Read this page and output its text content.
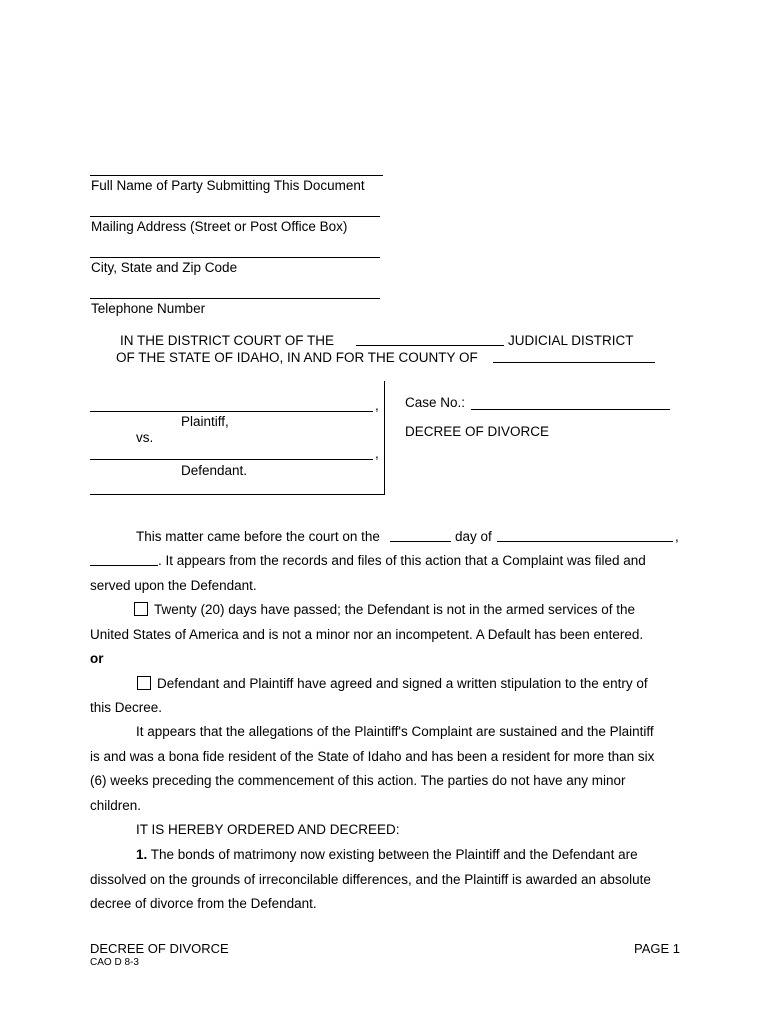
Full Name of Party Submitting This Document
Mailing Address (Street or Post Office Box)
City, State and Zip Code
Telephone Number
IN THE DISTRICT COURT OF THE	JUDICIAL DISTRICT
OF THE STATE OF IDAHO, IN AND FOR THE COUNTY OF
,
Plaintiff,
vs.
,
Defendant.
Case No.:
DECREE OF DIVORCE
This matter came before the court on the	day of	,
. It appears from the records and files of this action that a Complaint was filed and
served upon the Defendant.
Twenty (20) days have passed; the Defendant is not in the armed services of the
United States of America and is not a minor nor an incompetent. A Default has been entered.
or
Defendant and Plaintiff have agreed and signed a written stipulation to the entry of
this Decree.
It appears that the allegations of the Plaintiff's Complaint are sustained and the Plaintiff
is and was a bona fide resident of the State of Idaho and has been a resident for more than six
(6) weeks preceding the commencement of this action. The parties do not have any minor
children.
IT IS HEREBY ORDERED AND DECREED:
1. The bonds of matrimony now existing between the Plaintiff and the Defendant are
dissolved on the grounds of irreconcilable differences, and the Plaintiff is awarded an absolute
decree of divorce from the Defendant.
DECREE OF DIVORCE
CAO D 8-3
PAGE 1
